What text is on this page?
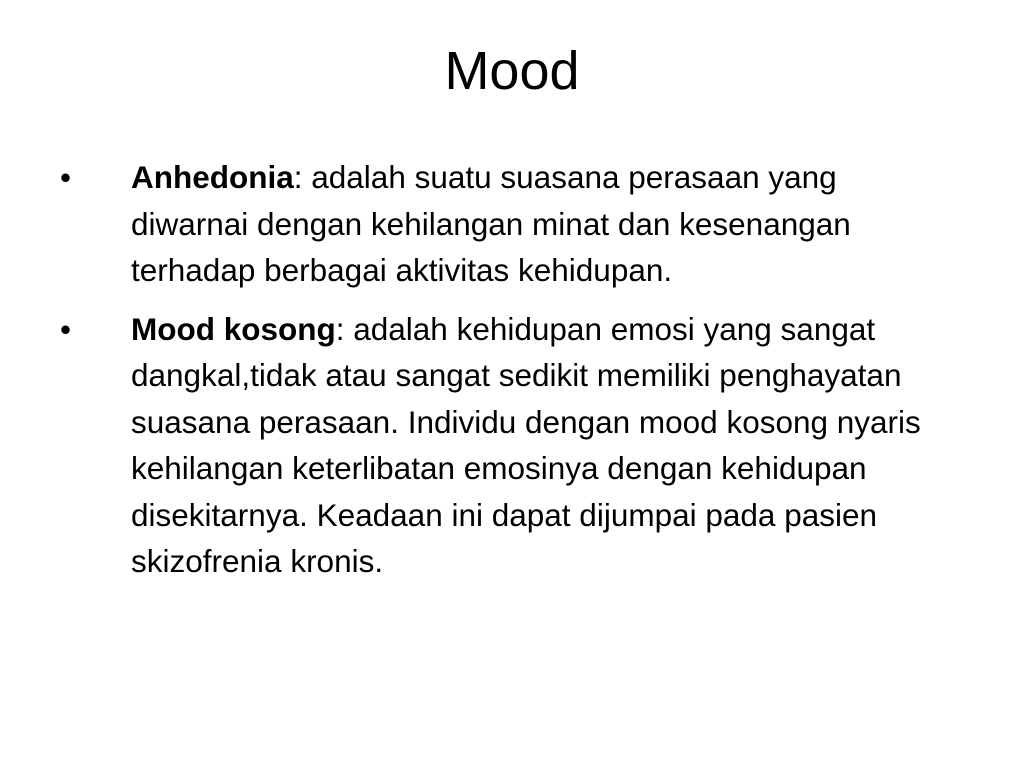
Mood
•	Anhedonia: adalah suatu suasana perasaan yang diwarnai dengan kehilangan minat dan kesenangan terhadap berbagai aktivitas kehidupan.
•	Mood kosong: adalah kehidupan emosi yang sangat dangkal,tidak atau sangat sedikit memiliki penghayatan suasana perasaan. Individu dengan mood kosong nyaris kehilangan keterlibatan emosinya dengan kehidupan disekitarnya. Keadaan ini dapat dijumpai pada pasien skizofrenia kronis.
